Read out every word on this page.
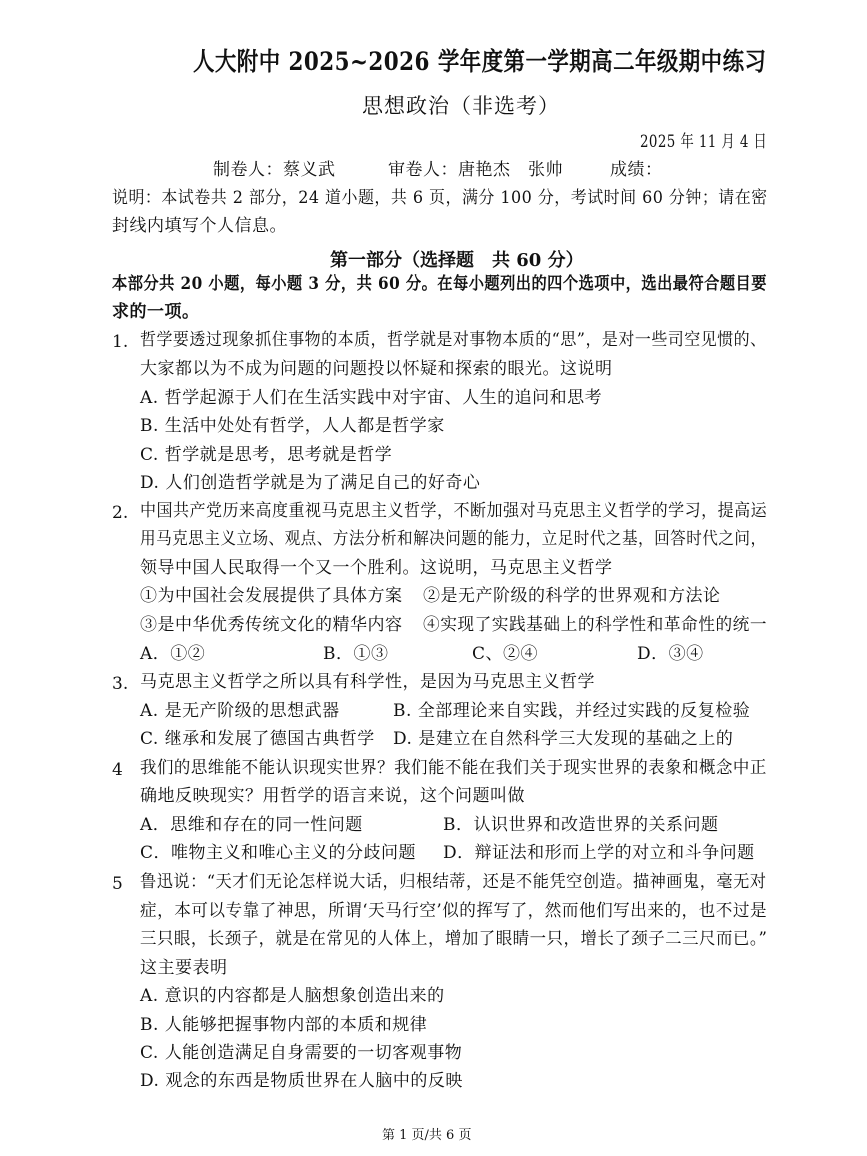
人大附中 2025~2026 学年度第一学期高二年级期中练习
思想政治（非选考）
2025 年 11 月 4 日
制卷人：蔡义武	审卷人：唐艳杰　张帅	成绩：
说明：本试卷共 2 部分，24 道小题，共 6 页，满分 100 分，考试时间 60 分钟；请在密
封线内填写个人信息。
第一部分（选择题　共 60 分）
本部分共 20 小题，每小题 3 分，共 60 分。在每小题列出的四个选项中，选出最符合题目要
求的一项。
1. 哲学要透过现象抓住事物的本质，哲学就是对事物本质的“思”，是对一些司空见惯的、
大家都以为不成为问题的问题投以怀疑和探索的眼光。这说明
A. 哲学起源于人们在生活实践中对宇宙、人生的追问和思考
B. 生活中处处有哲学，人人都是哲学家
C. 哲学就是思考，思考就是哲学
D. 人们创造哲学就是为了满足自己的好奇心
2. 中国共产党历来高度重视马克思主义哲学，不断加强对马克思主义哲学的学习，提高运
用马克思主义立场、观点、方法分析和解决问题的能力，立足时代之基，回答时代之问，
领导中国人民取得一个又一个胜利。这说明，马克思主义哲学
①为中国社会发展提供了具体方案 ②是无产阶级的科学的世界观和方法论
③是中华优秀传统文化的精华内容 ④实现了实践基础上的科学性和革命性的统一
A．①②	B．①③	C、②④	D．③④
3. 马克思主义哲学之所以具有科学性，是因为马克思主义哲学
A. 是无产阶级的思想武器	B. 全部理论来自实践，并经过实践的反复检验
C. 继承和发展了德国古典哲学 D. 是建立在自然科学三大发现的基础之上的
4 我们的思维能不能认识现实世界？我们能不能在我们关于现实世界的表象和概念中正
确地反映现实？用哲学的语言来说，这个问题叫做
A．思维和存在的同一性问题	B．认识世界和改造世界的关系问题
C．唯物主义和唯心主义的分歧问题 D．辩证法和形而上学的对立和斗争问题
5 鲁迅说：“天才们无论怎样说大话，归根结蒂，还是不能凭空创造。描神画鬼，毫无对
症，本可以专靠了神思，所谓‘天马行空’似的挥写了，然而他们写出来的，也不过是
三只眼，长颈子，就是在常见的人体上，增加了眼睛一只，增长了颈子二三尺而已。”
这主要表明
A. 意识的内容都是人脑想象创造出来的
B. 人能够把握事物内部的本质和规律
C. 人能创造满足自身需要的一切客观事物
D. 观念的东西是物质世界在人脑中的反映
第 1 页/共 6 页
